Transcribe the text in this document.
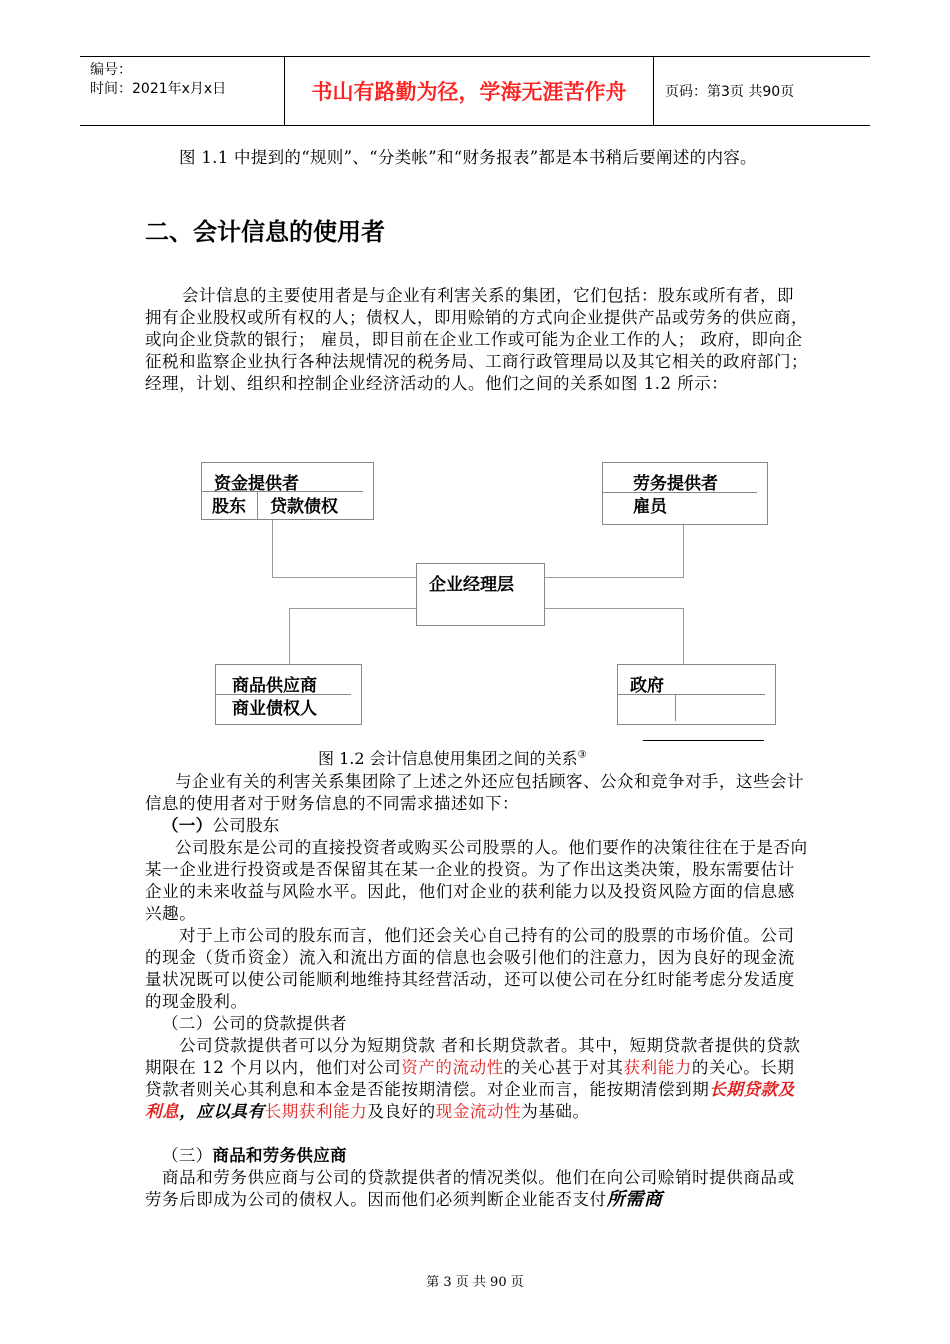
编号：
时间：2021年x月x日	书山有路勤为径，学海无涯苦作舟	页码：第3页 共90页
图 1.1 中提到的“规则”、“分类帐”和“财务报表”都是本书稍后要阐述的内容。
二、会计信息的使用者
会计信息的主要使用者是与企业有利害关系的集团，它们包括：股东或所有者，即拥有企业股权或所有权的人；债权人，即用赊销的方式向企业提供产品或劳务的供应商，或向企业贷款的银行； 雇员，即目前在企业工作或可能为企业工作的人； 政府，即向企征税和监察企业执行各种法规情况的税务局、工商行政管理局以及其它相关的政府部门；经理，计划、组织和控制企业经济活动的人。他们之间的关系如图 1.2 所示：
资金提供者
股东 贷款债权
劳务提供者
雇员
企业经理层
商品供应商
商业债权人
政府
图 1.2 会计信息使用集团之间的关系③
与企业有关的利害关系集团除了上述之外还应包括顾客、公众和竞争对手，这些会计信息的使用者对于财务信息的不同需求描述如下：
（一）公司股东
公司股东是公司的直接投资者或购买公司股票的人。他们要作的决策往往在于是否向某一企业进行投资或是否保留其在某一企业的投资。为了作出这类决策，股东需要估计企业的未来收益与风险水平。因此，他们对企业的获利能力以及投资风险方面的信息感兴趣。
对于上市公司的股东而言，他们还会关心自己持有的公司的股票的市场价值。公司的现金（货币资金）流入和流出方面的信息也会吸引他们的注意力，因为良好的现金流量状况既可以使公司能顺利地维持其经营活动，还可以使公司在分红时能考虑分发适度的现金股利。
（二）公司的贷款提供者
公司贷款提供者可以分为短期贷款 者和长期贷款者。其中，短期贷款者提供的贷款期限在 12 个月以内，他们对公司资产的流动性的关心甚于对其获利能力的关心。长期贷款者则关心其利息和本金是否能按期清偿。对企业而言，能按期清偿到期长期贷款及利息，应以具有长期获利能力及良好的现金流动性为基础。
（三）商品和劳务供应商
商品和劳务供应商与公司的贷款提供者的情况类似。他们在向公司赊销时提供商品或劳务后即成为公司的债权人。因而他们必须判断企业能否支付所需商
第 3 页 共 90 页
